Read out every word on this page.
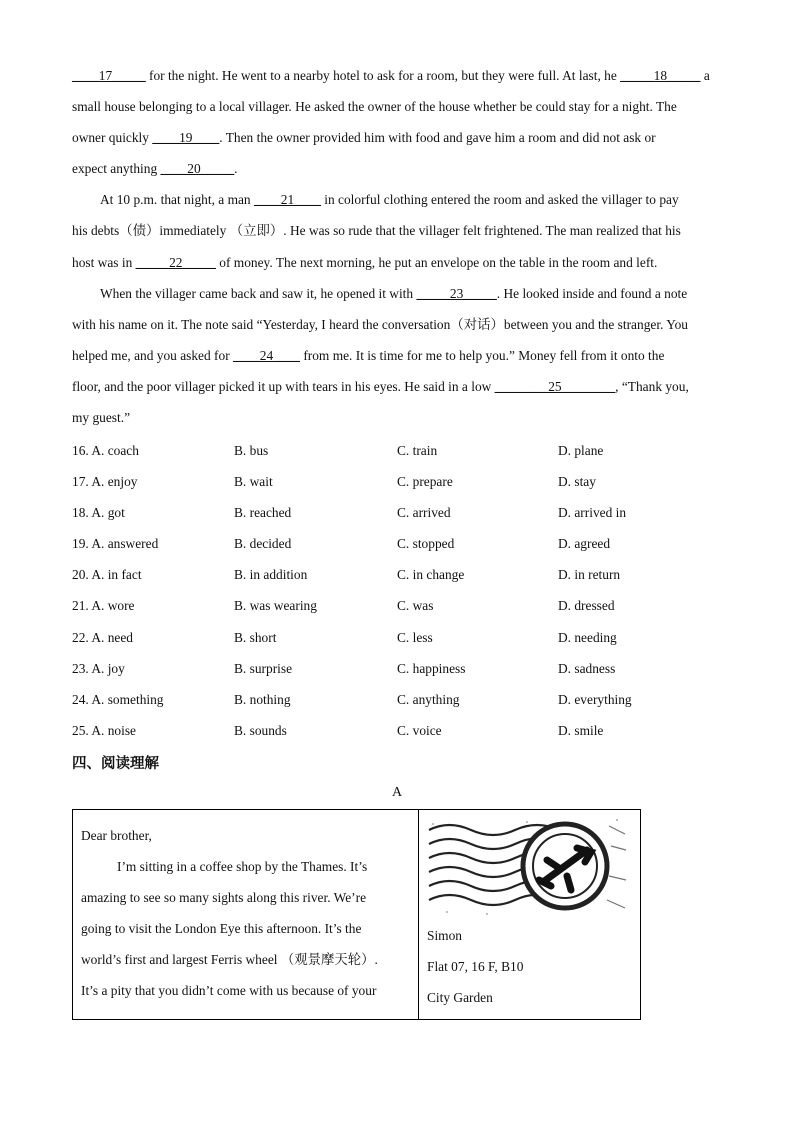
____17_____ for the night. He went to a nearby hotel to ask for a room, but they were full. At last, he _____18_____ a
small house belonging to a local villager. He asked the owner of the house whether be could stay for a night. The
owner quickly ____19____. Then the owner provided him with food and gave him a room and did not ask or
expect anything ____20_____.
At 10 p.m. that night, a man ____21____ in colorful clothing entered the room and asked the villager to pay
his debts（债）immediately （立即）. He was so rude that the villager felt frightened. The man realized that his
host was in _____22_____ of money. The next morning, he put an envelope on the table in the room and left.
When the villager came back and saw it, he opened it with _____23_____. He looked inside and found a note
with his name on it. The note said “Yesterday, I heard the conversation（对话）between you and the stranger. You
helped me, and you asked for ____24____ from me. It is time for me to help you.” Money fell from it onto the
floor, and the poor villager picked it up with tears in his eyes. He said in a low ________25________, “Thank you,
my guest.”
16. A. coach	B. bus	C. train	D. plane
17. A. enjoy	B. wait	C. prepare	D. stay
18. A. got	B. reached	C. arrived	D. arrived in
19. A. answered	B. decided	C. stopped	D. agreed
20. A. in fact	B. in addition	C. in change	D. in return
21. A. wore	B. was wearing	C. was	D. dressed
22. A. need	B. short	C. less	D. needing
23. A. joy	B. surprise	C. happiness	D. sadness
24. A. something	B. nothing	C. anything	D. everything
25. A. noise	B. sounds	C. voice	D. smile
四、阅读理解
A
Dear brother,
I’m sitting in a coffee shop by the Thames. It’s
amazing to see so many sights along this river. We’re
going to visit the London Eye this afternoon. It’s the
world’s first and largest Ferris wheel （观景摩天轮）.
It’s a pity that you didn’t come with us because of your
Simon
Flat 07, 16 F, B10
City Garden
